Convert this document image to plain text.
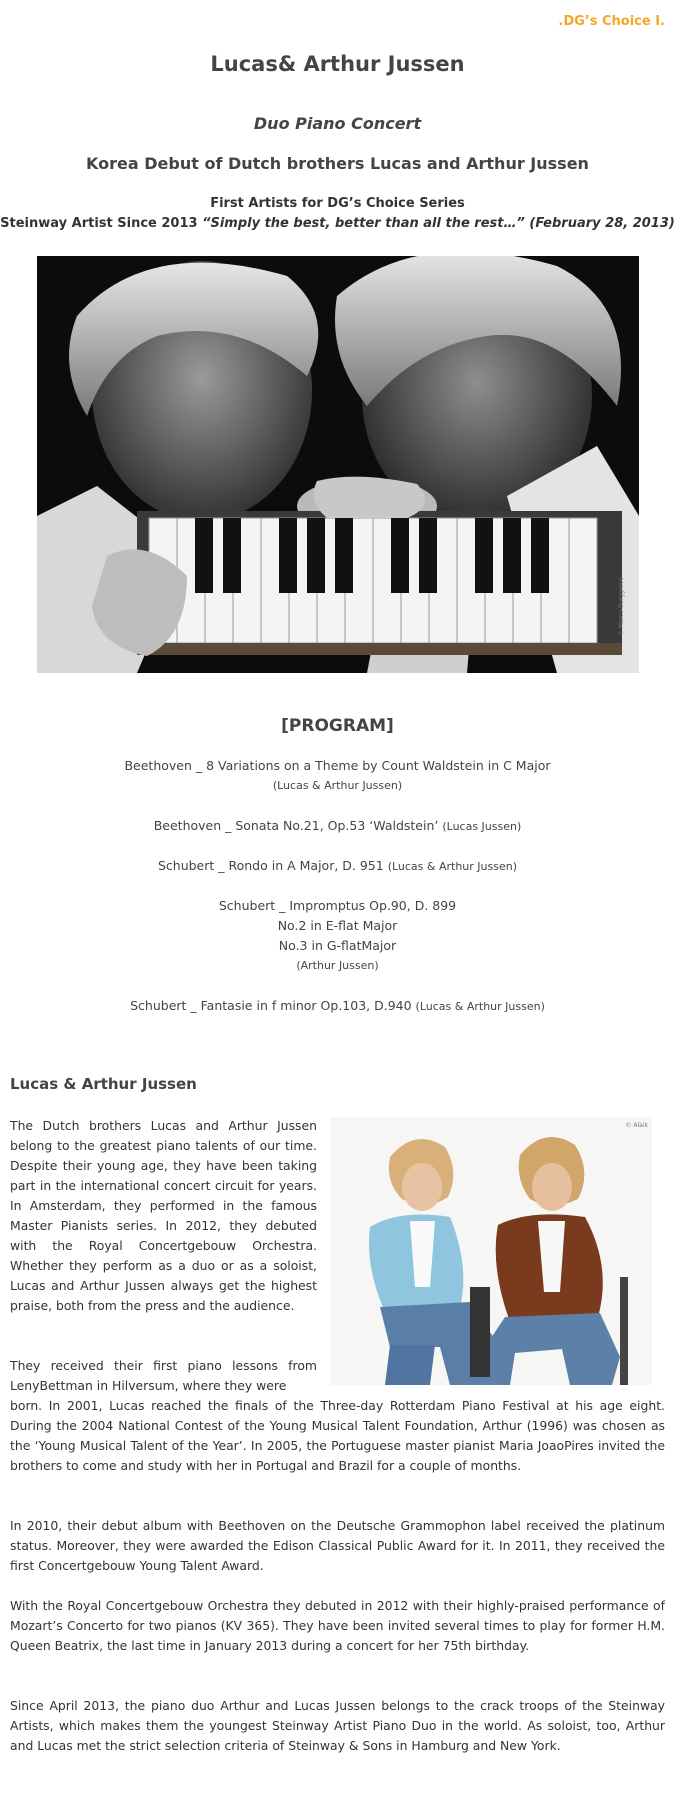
.DG’s Choice I.
Lucas& Arthur Jussen
Duo Piano Concert
Korea Debut of Dutch brothers Lucas and Arthur Jussen
First Artists for DG’s Choice Series
Steinway Artist Since 2013 “Simply the best, better than all the rest…” (February 28, 2013)
© Marco Borggreve
[PROGRAM]
Beethoven _ 8 Variations on a Theme by Count Waldstein in C Major
(Lucas & Arthur Jussen)
Beethoven _ Sonata No.21, Op.53 ‘Waldstein’ (Lucas Jussen)
Schubert _ Rondo in A Major, D. 951 (Lucas & Arthur Jussen)
Schubert _ Impromptus Op.90, D. 899
No.2 in E-flat Major
No.3 in G-flatMajor
(Arthur Jussen)
Schubert _ Fantasie in f minor Op.103, D.940 (Lucas & Arthur Jussen)
Lucas & Arthur Jussen
© Alaik

The Dutch brothers Lucas and Arthur Jussen belong to the greatest piano talents of our time. Despite their young age, they have been taking part in the international concert circuit for years. In Amsterdam, they performed in the famous Master Pianists series. In 2012, they debuted with the Royal Concertgebouw Orchestra. Whether they perform as a duo or as a soloist, Lucas and Arthur Jussen always get the highest praise, both from the press and the audience.

They received their first piano lessons from LenyBettman in Hilversum, where they were

born. In 2001, Lucas reached the finals of the Three-day Rotterdam Piano Festival at his age eight. During the 2004 National Contest of the Young Musical Talent Foundation, Arthur (1996) was chosen as the ‘Young Musical Talent of the Year’. In 2005, the Portuguese master pianist Maria JoaoPires invited the brothers to come and study with her in Portugal and Brazil for a couple of months.

In 2010, their debut album with Beethoven on the Deutsche Grammophon label received the platinum status. Moreover, they were awarded the Edison Classical Public Award for it. In 2011, they received the first Concertgebouw Young Talent Award.

With the Royal Concertgebouw Orchestra they debuted in 2012 with their highly-praised performance of Mozart’s Concerto for two pianos (KV 365). They have been invited several times to play for former H.M. Queen Beatrix, the last time in January 2013 during a concert for her 75th birthday.

Since April 2013, the piano duo Arthur and Lucas Jussen belongs to the crack troops of the Steinway Artists, which makes them the youngest Steinway Artist Piano Duo in the world. As soloist, too, Arthur and Lucas met the strict selection criteria of Steinway & Sons in Hamburg and New York.
